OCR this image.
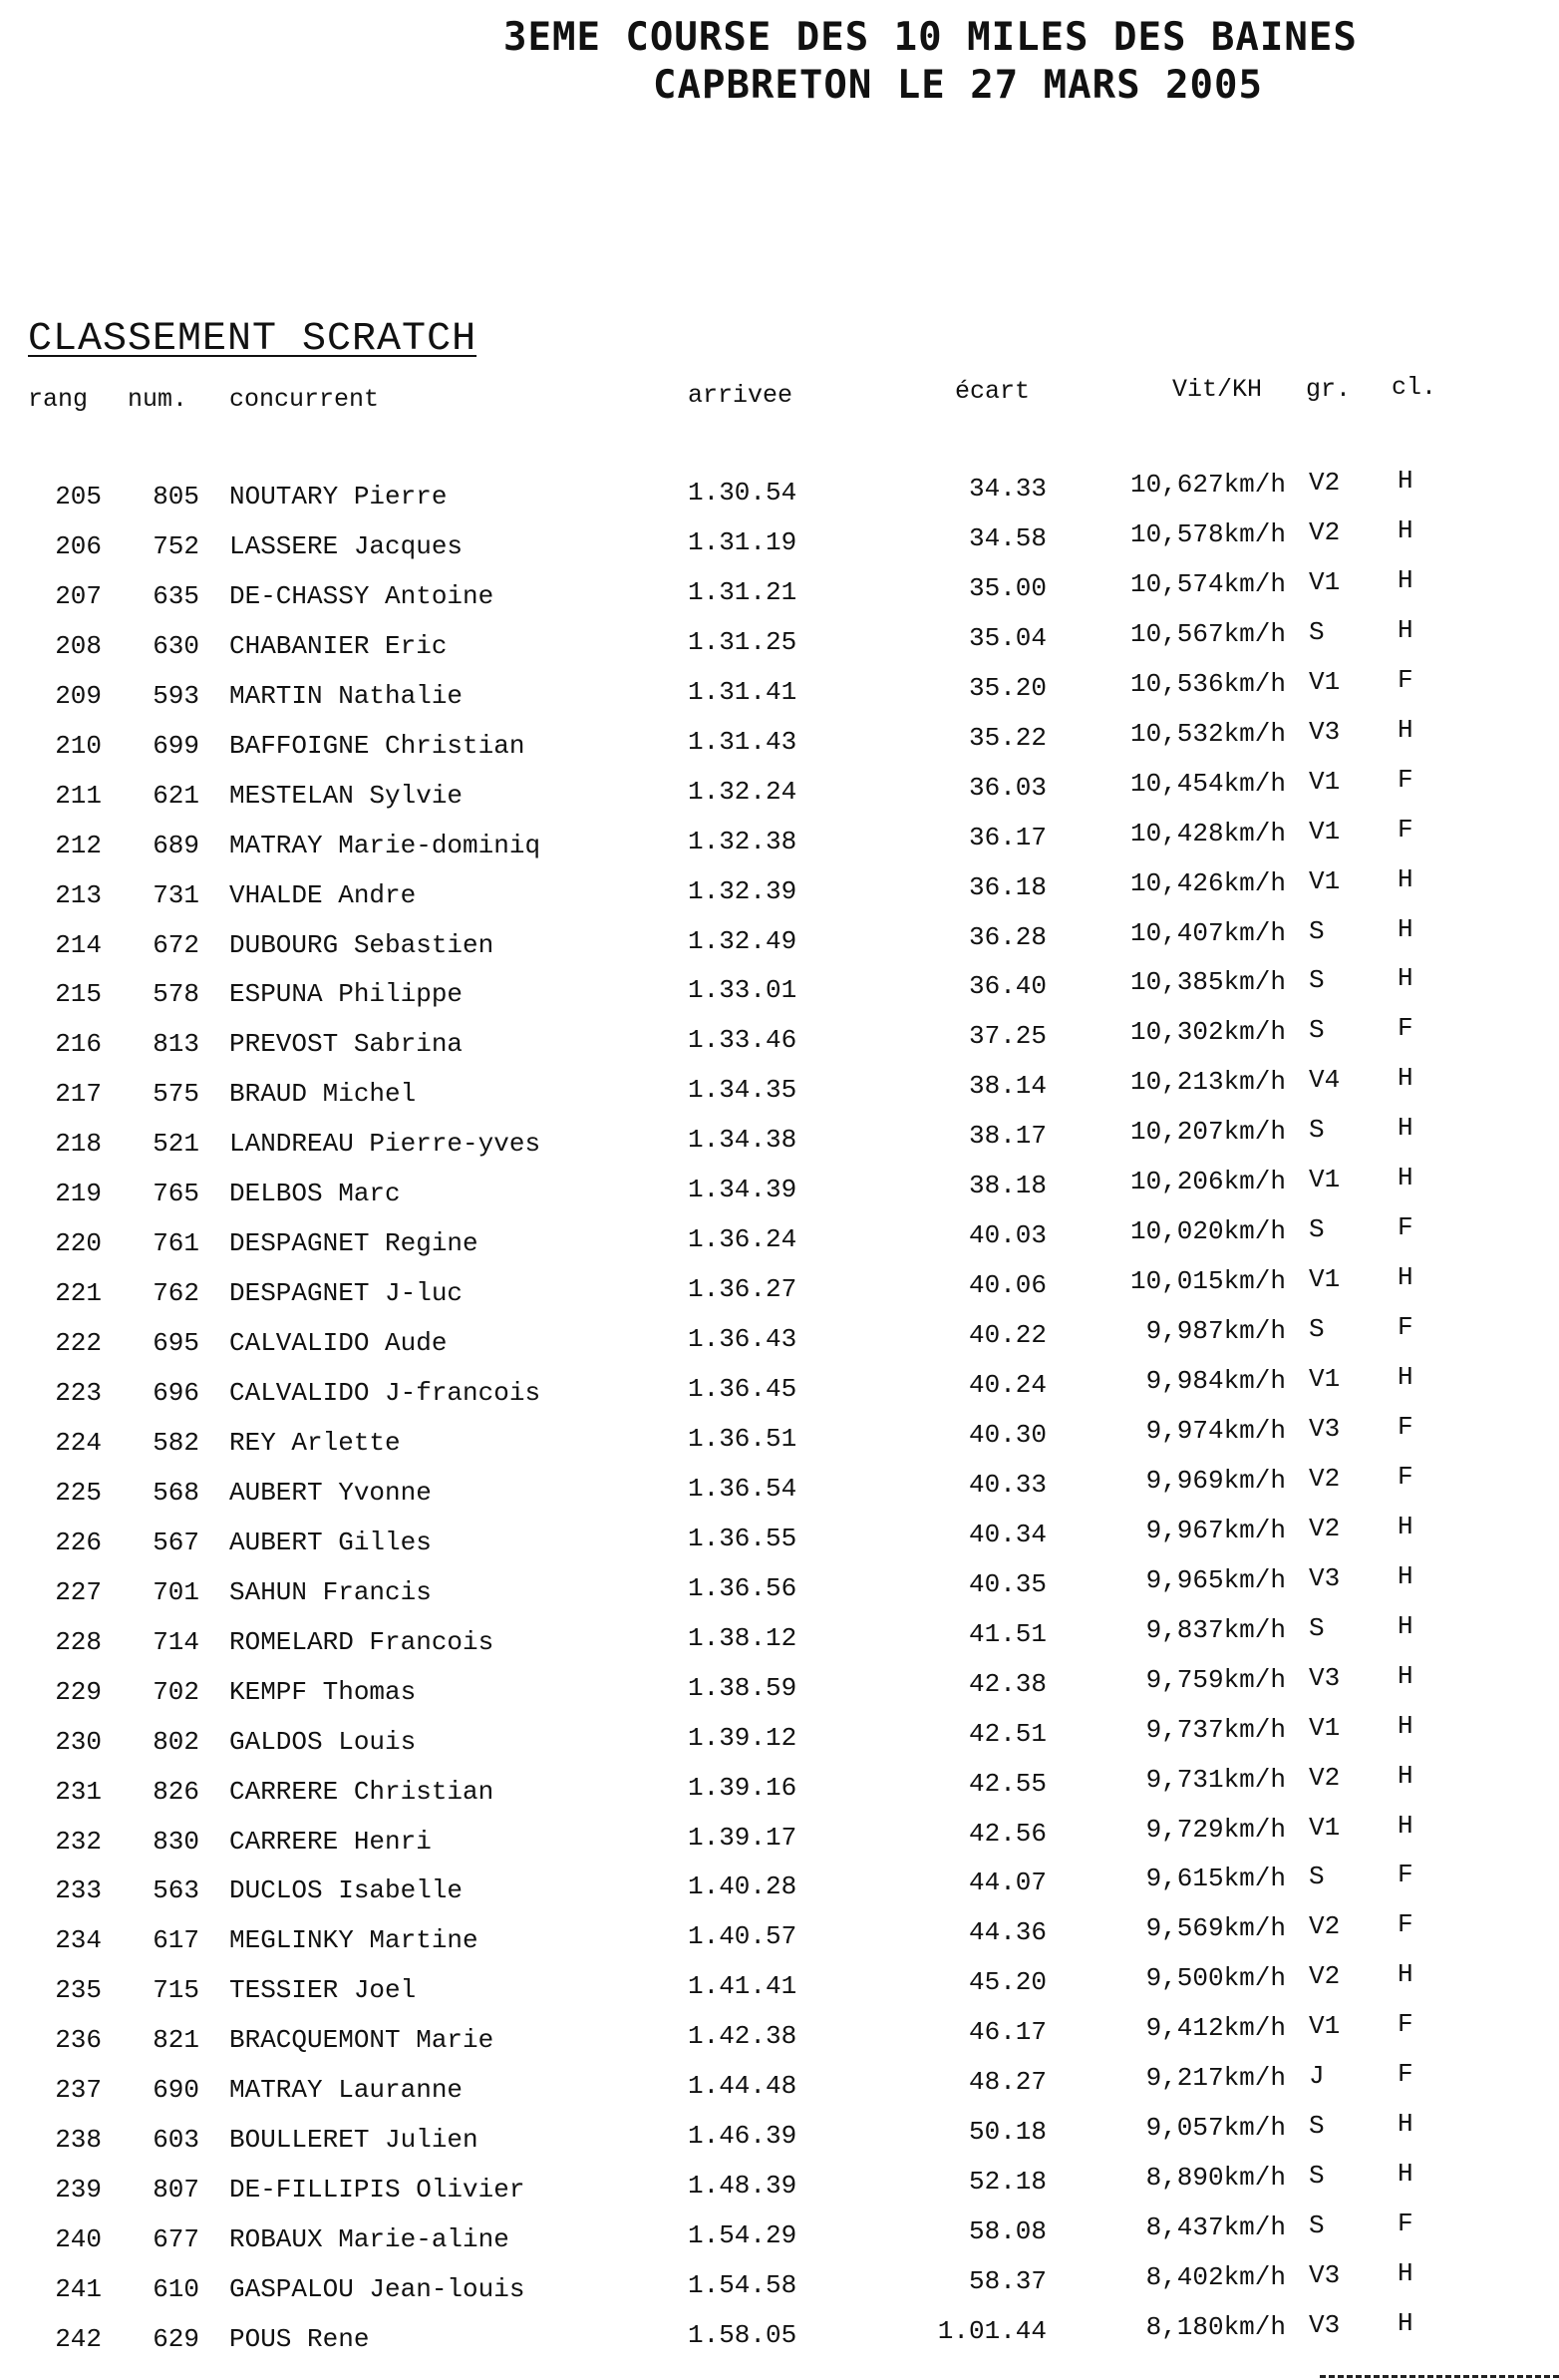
3EME COURSE DES 10 MILES DES BAINES
CAPBRETON LE 27 MARS 2005
CLASSEMENT SCRATCH
rang num. concurrent	arrivee	écart	Vit/KH gr. cl.
205	805 NOUTARY Pierre	1.30.54	34.33	10,627km/h V2 H
206	752 LASSERE Jacques	1.31.19	34.58	10,578km/h V2 H
207	635 DE-CHASSY Antoine	1.31.21	35.00	10,574km/h V1 H
208	630 CHABANIER Eric	1.31.25	35.04	10,567km/h S	H
209	593 MARTIN Nathalie	1.31.41	35.20	10,536km/h V1 F
210	699 BAFFOIGNE Christian	1.31.43	35.22	10,532km/h V3 H
211	621 MESTELAN Sylvie	1.32.24	36.03	10,454km/h V1 F
212	689 MATRAY Marie-dominiq	1.32.38	36.17	10,428km/h V1 F
213	731 VHALDE Andre	1.32.39	36.18	10,426km/h V1 H
214	672 DUBOURG Sebastien	1.32.49	36.28	10,407km/h S	H
215	578 ESPUNA Philippe	1.33.01	36.40	10,385km/h S	H
216	813 PREVOST Sabrina	1.33.46	37.25	10,302km/h S	F
217	575 BRAUD Michel	1.34.35	38.14	10,213km/h V4 H
218	521 LANDREAU Pierre-yves	1.34.38	38.17	10,207km/h S	H
219	765 DELBOS Marc	1.34.39	38.18	10,206km/h V1 H
220	761 DESPAGNET Regine	1.36.24	40.03	10,020km/h S	F
221	762 DESPAGNET J-luc	1.36.27	40.06	10,015km/h V1 H
222	695 CALVALIDO Aude	1.36.43	40.22	9,987km/h S	F
223	696 CALVALIDO J-francois	1.36.45	40.24	9,984km/h V1 H
224	582 REY Arlette	1.36.51	40.30	9,974km/h V3 F
225	568 AUBERT Yvonne	1.36.54	40.33	9,969km/h V2 F
226	567 AUBERT Gilles	1.36.55	40.34	9,967km/h V2 H
227	701 SAHUN Francis	1.36.56	40.35	9,965km/h V3 H
228	714 ROMELARD Francois	1.38.12	41.51	9,837km/h S	H
229	702 KEMPF Thomas	1.38.59	42.38	9,759km/h V3 H
230	802 GALDOS Louis	1.39.12	42.51	9,737km/h V1 H
231	826 CARRERE Christian	1.39.16	42.55	9,731km/h V2 H
232	830 CARRERE Henri	1.39.17	42.56	9,729km/h V1 H
233	563 DUCLOS Isabelle	1.40.28	44.07	9,615km/h S	F
234	617 MEGLINKY Martine	1.40.57	44.36	9,569km/h V2 F
235	715 TESSIER Joel	1.41.41	45.20	9,500km/h V2 H
236	821 BRACQUEMONT Marie	1.42.38	46.17	9,412km/h V1 F
237	690 MATRAY Lauranne	1.44.48	48.27	9,217km/h J	F
238	603 BOULLERET Julien	1.46.39	50.18	9,057km/h S	H
239	807 DE-FILLIPIS Olivier	1.48.39	52.18	8,890km/h S	H
240	677 ROBAUX Marie-aline	1.54.29	58.08	8,437km/h S	F
241	610 GASPALOU Jean-louis	1.54.58	58.37	8,402km/h V3 H
242	629 POUS Rene	1.58.05	1.01.44	8,180km/h V3 H
